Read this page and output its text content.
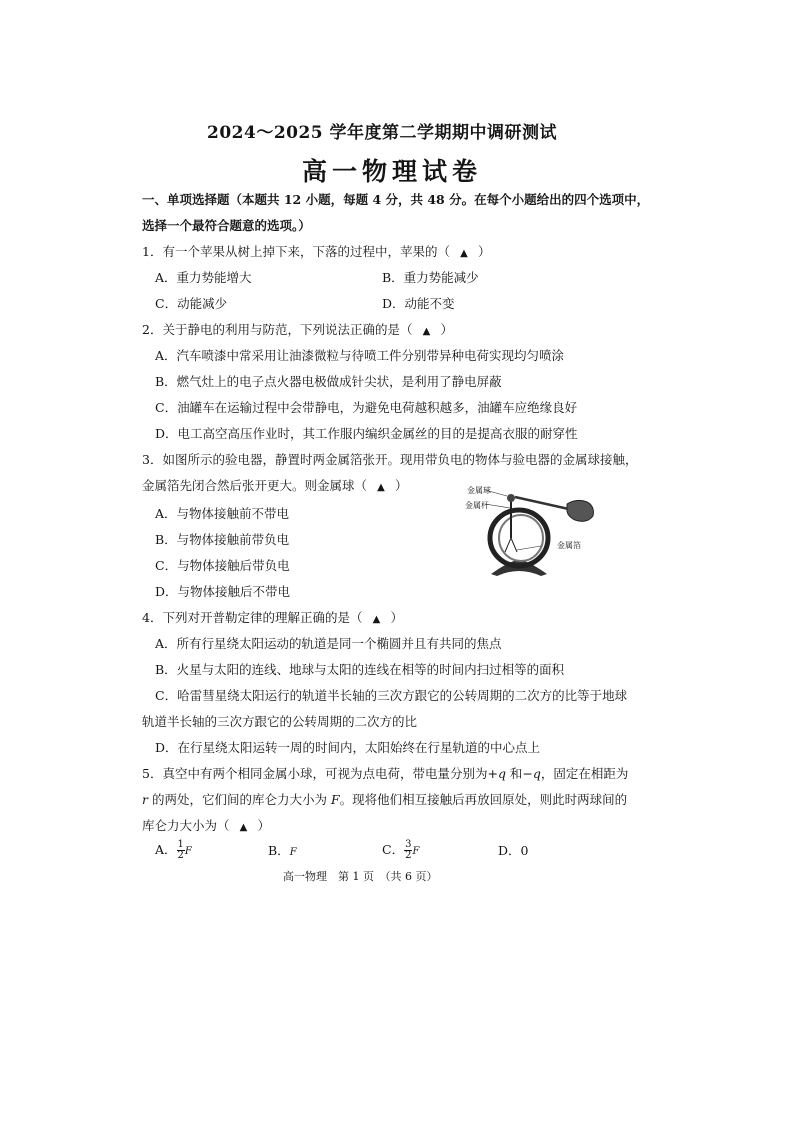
2024～2025 学年度第二学期期中调研测试
高一物理试卷
一、单项选择题（本题共 12 小题，每题 4 分，共 48 分。在每个小题给出的四个选项中，
选择一个最符合题意的选项。）
1．有一个苹果从树上掉下来，下落的过程中，苹果的（ ▲ ）
A．重力势能增大	B．重力势能减少
C．动能减少	D．动能不变
2．关于静电的利用与防范，下列说法正确的是（ ▲ ）
A．汽车喷漆中常采用让油漆微粒与待喷工件分别带异种电荷实现均匀喷涂
B．燃气灶上的电子点火器电极做成针尖状，是利用了静电屏蔽
C．油罐车在运输过程中会带静电，为避免电荷越积越多，油罐车应绝缘良好
D．电工高空高压作业时，其工作服内编织金属丝的目的是提高衣服的耐穿性
3．如图所示的验电器，静置时两金属箔张开。现用带负电的物体与验电器的金属球接触，
金属箔先闭合然后张开更大。则金属球（ ▲ ）
A．与物体接触前不带电
B．与物体接触前带负电
C．与物体接触后带负电
D．与物体接触后不带电
金属球
金属杆
金属箔
4．下列对开普勒定律的理解正确的是（ ▲ ）
A．所有行星绕太阳运动的轨道是同一个椭圆并且有共同的焦点
B．火星与太阳的连线、地球与太阳的连线在相等的时间内扫过相等的面积
C．哈雷彗星绕太阳运行的轨道半长轴的三次方跟它的公转周期的二次方的比等于地球
轨道半长轴的三次方跟它的公转周期的二次方的比
D．在行星绕太阳运转一周的时间内，太阳始终在行星轨道的中心点上
5．真空中有两个相同金属小球，可视为点电荷，带电量分别为+q 和−q，固定在相距为
r 的两处，它们间的库仑力大小为 F。现将他们相互接触后再放回原处，则此时两球间的
库仑力大小为（ ▲ ）
A． $\frac{1}{2}$ F	B．F	C． $\frac{3}{2}$ F	D．0
高一物理　第 1 页　（共 6 页）
